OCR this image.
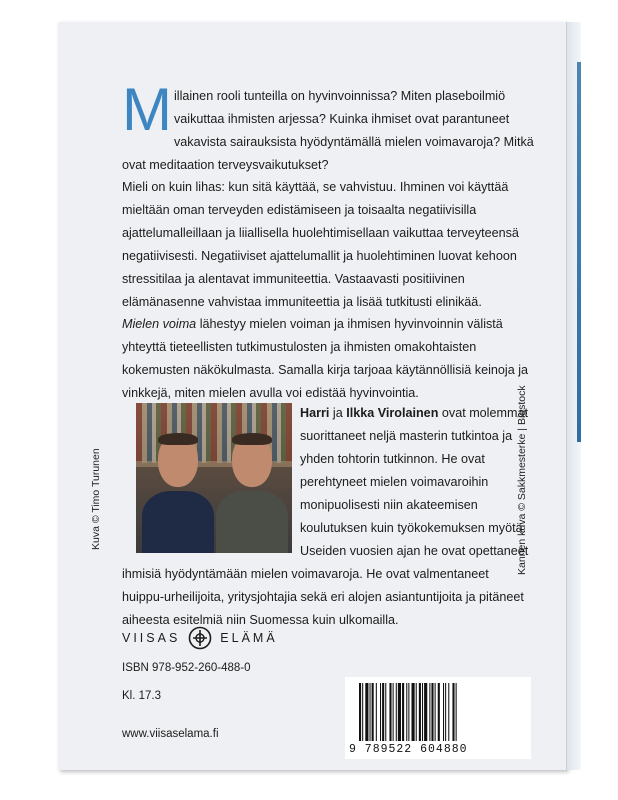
Millainen rooli tunteilla on hyvinvoinnissa? Miten plaseboilmiö vaikuttaa ihmisten arjessa? Kuinka ihmiset ovat parantuneet vakavista sairauksista hyödyntämällä mielen voimavaroja? Mitkä ovat meditaation terveysvaikutukset?

Mieli on kuin lihas: kun sitä käyttää, se vahvistuu. Ihminen voi käyttää mieltään oman terveyden edistämiseen ja toisaalta negatiivisilla ajattelumalleillaan ja liiallisella huolehtimisellaan vaikuttaa terveyteensä negatiivisesti. Negatiiviset ajattelumallit ja huolehtiminen luovat kehoon stressitilaa ja alentavat immuniteettia. Vastaavasti positiivinen elämänasenne vahvistaa immuniteettia ja lisää tutkitusti elinikää.

Mielen voima lähestyy mielen voiman ja ihmisen hyvinvoinnin välistä yhteyttä tieteellisten tutkimustulosten ja ihmisten omakohtaisten kokemusten näkökulmasta. Samalla kirja tarjoaa käytännöllisiä keinoja ja vinkkejä, miten mielen avulla voi edistää hyvinvointia.

Kuva © Timo Turunen

Harri ja Ilkka Virolainen ovat molemmat suorittaneet neljä masterin tutkintoa ja yhden tohtorin tutkinnon. He ovat perehtyneet mielen voimavaroihin monipuolisesti niin akateemisen koulutuksen kuin työkokemuksen myötä. Useiden vuosien ajan he ovat opettaneet ihmisiä hyödyntämään mielen voimavaroja. He ovat valmentaneet huippu-urheilijoita, yritysjohtajia sekä eri alojen asiantuntijoita ja pitäneet aiheesta esitelmiä niin Suomessa kuin ulkomailla.

Kannen kuva © Sakkmesterke | Bigstock
VIISAS	ELÄMÄ
ISBN 978-952-260-488-0
Kl. 17.3
www.viisaselama.fi
9 789522 604880
